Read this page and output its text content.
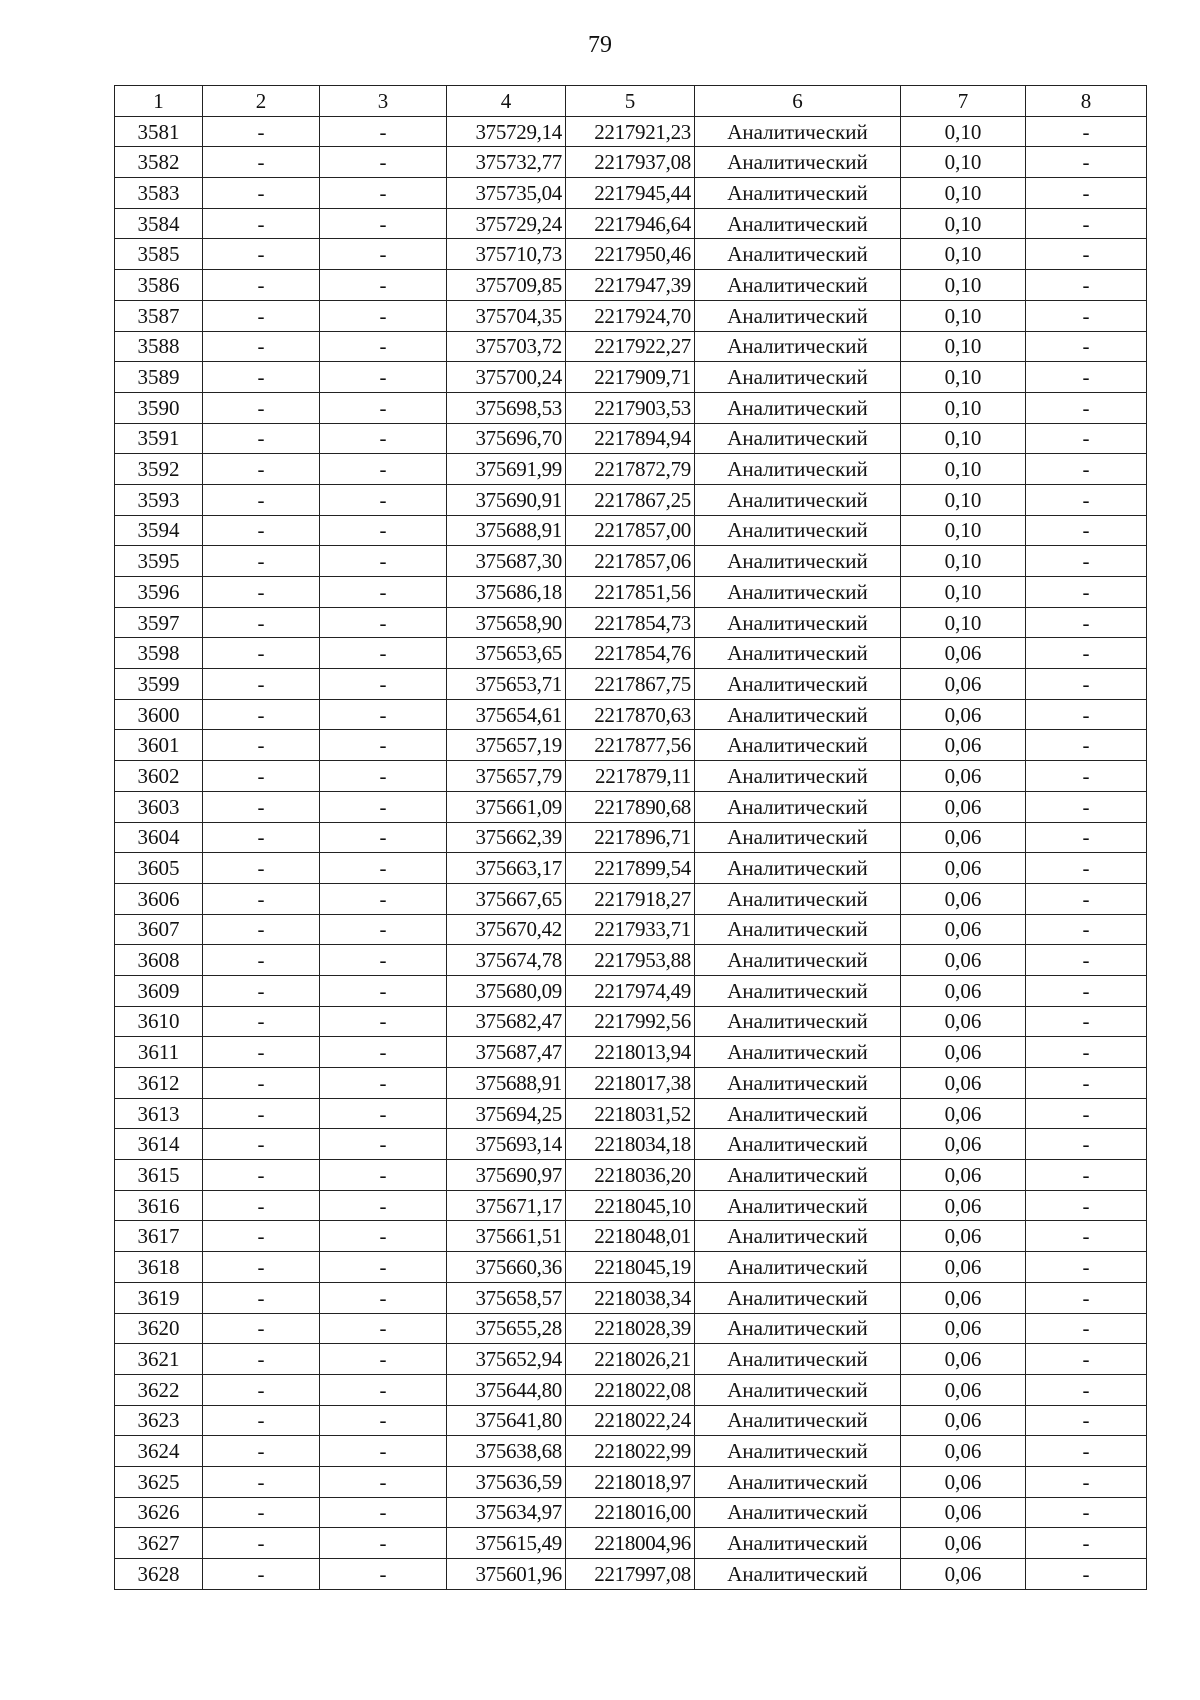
79
1	2	3	4	5	6	7	8
3581	-	-	375729,14	2217921,23	Аналитический	0,10	-
3582	-	-	375732,77	2217937,08	Аналитический	0,10	-
3583	-	-	375735,04	2217945,44	Аналитический	0,10	-
3584	-	-	375729,24	2217946,64	Аналитический	0,10	-
3585	-	-	375710,73	2217950,46	Аналитический	0,10	-
3586	-	-	375709,85	2217947,39	Аналитический	0,10	-
3587	-	-	375704,35	2217924,70	Аналитический	0,10	-
3588	-	-	375703,72	2217922,27	Аналитический	0,10	-
3589	-	-	375700,24	2217909,71	Аналитический	0,10	-
3590	-	-	375698,53	2217903,53	Аналитический	0,10	-
3591	-	-	375696,70	2217894,94	Аналитический	0,10	-
3592	-	-	375691,99	2217872,79	Аналитический	0,10	-
3593	-	-	375690,91	2217867,25	Аналитический	0,10	-
3594	-	-	375688,91	2217857,00	Аналитический	0,10	-
3595	-	-	375687,30	2217857,06	Аналитический	0,10	-
3596	-	-	375686,18	2217851,56	Аналитический	0,10	-
3597	-	-	375658,90	2217854,73	Аналитический	0,10	-
3598	-	-	375653,65	2217854,76	Аналитический	0,06	-
3599	-	-	375653,71	2217867,75	Аналитический	0,06	-
3600	-	-	375654,61	2217870,63	Аналитический	0,06	-
3601	-	-	375657,19	2217877,56	Аналитический	0,06	-
3602	-	-	375657,79	2217879,11	Аналитический	0,06	-
3603	-	-	375661,09	2217890,68	Аналитический	0,06	-
3604	-	-	375662,39	2217896,71	Аналитический	0,06	-
3605	-	-	375663,17	2217899,54	Аналитический	0,06	-
3606	-	-	375667,65	2217918,27	Аналитический	0,06	-
3607	-	-	375670,42	2217933,71	Аналитический	0,06	-
3608	-	-	375674,78	2217953,88	Аналитический	0,06	-
3609	-	-	375680,09	2217974,49	Аналитический	0,06	-
3610	-	-	375682,47	2217992,56	Аналитический	0,06	-
3611	-	-	375687,47	2218013,94	Аналитический	0,06	-
3612	-	-	375688,91	2218017,38	Аналитический	0,06	-
3613	-	-	375694,25	2218031,52	Аналитический	0,06	-
3614	-	-	375693,14	2218034,18	Аналитический	0,06	-
3615	-	-	375690,97	2218036,20	Аналитический	0,06	-
3616	-	-	375671,17	2218045,10	Аналитический	0,06	-
3617	-	-	375661,51	2218048,01	Аналитический	0,06	-
3618	-	-	375660,36	2218045,19	Аналитический	0,06	-
3619	-	-	375658,57	2218038,34	Аналитический	0,06	-
3620	-	-	375655,28	2218028,39	Аналитический	0,06	-
3621	-	-	375652,94	2218026,21	Аналитический	0,06	-
3622	-	-	375644,80	2218022,08	Аналитический	0,06	-
3623	-	-	375641,80	2218022,24	Аналитический	0,06	-
3624	-	-	375638,68	2218022,99	Аналитический	0,06	-
3625	-	-	375636,59	2218018,97	Аналитический	0,06	-
3626	-	-	375634,97	2218016,00	Аналитический	0,06	-
3627	-	-	375615,49	2218004,96	Аналитический	0,06	-
3628	-	-	375601,96	2217997,08	Аналитический	0,06	-
